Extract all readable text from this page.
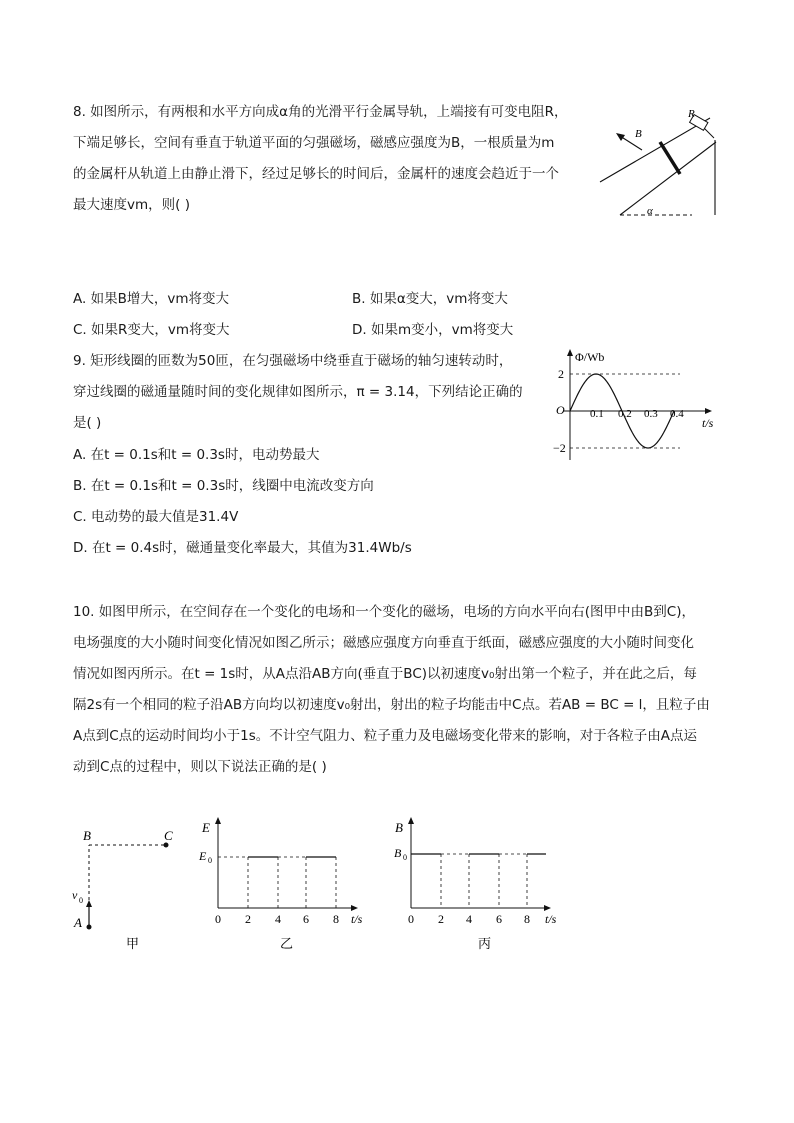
8. 如图所示，有两根和水平方向成α角的光滑平行金属导轨，上端接有可变电阻R，
下端足够长，空间有垂直于轨道平面的匀强磁场，磁感应强度为B，一根质量为m
的金属杆从轨道上由静止滑下，经过足够长的时间后，金属杆的速度会趋近于一个
最大速度vm，则( )
B
R
α
A. 如果B增大，vm将变大	B. 如果α变大，vm将变大
C. 如果R变大，vm将变大	D. 如果m变小，vm将变大
9. 矩形线圈的匝数为50匝，在匀强磁场中绕垂直于磁场的轴匀速转动时，
穿过线圈的磁通量随时间的变化规律如图所示，π = 3.14，下列结论正确的
是( )
A. 在t = 0.1s和t = 0.3s时，电动势最大
B. 在t = 0.1s和t = 0.3s时，线圈中电流改变方向
C. 电动势的最大值是31.4V
D. 在t = 0.4s时，磁通量变化率最大，其值为31.4Wb/s
Φ/Wb
t/s
O
2
−2
0.1 0.2 0.3 0.4
10. 如图甲所示，在空间存在一个变化的电场和一个变化的磁场，电场的方向水平向右(图甲中由B到C)，
电场强度的大小随时间变化情况如图乙所示；磁感应强度方向垂直于纸面，磁感应强度的大小随时间变化
情况如图丙所示。在t = 1s时，从A点沿AB方向(垂直于BC)以初速度v₀射出第一个粒子，并在此之后，每
隔2s有一个相同的粒子沿AB方向均以初速度v₀射出，射出的粒子均能击中C点。若AB = BC = l，且粒子由
A点到C点的运动时间均小于1s。不计空气阻力、粒子重力及电磁场变化带来的影响，对于各粒子由A点运
动到C点的过程中，则以下说法正确的是( )
B	C
A
v 0
甲
E
E 0
0 2 4 6 8 t/s
乙
B
B 0
0 2 4 6 8 t/s
丙
